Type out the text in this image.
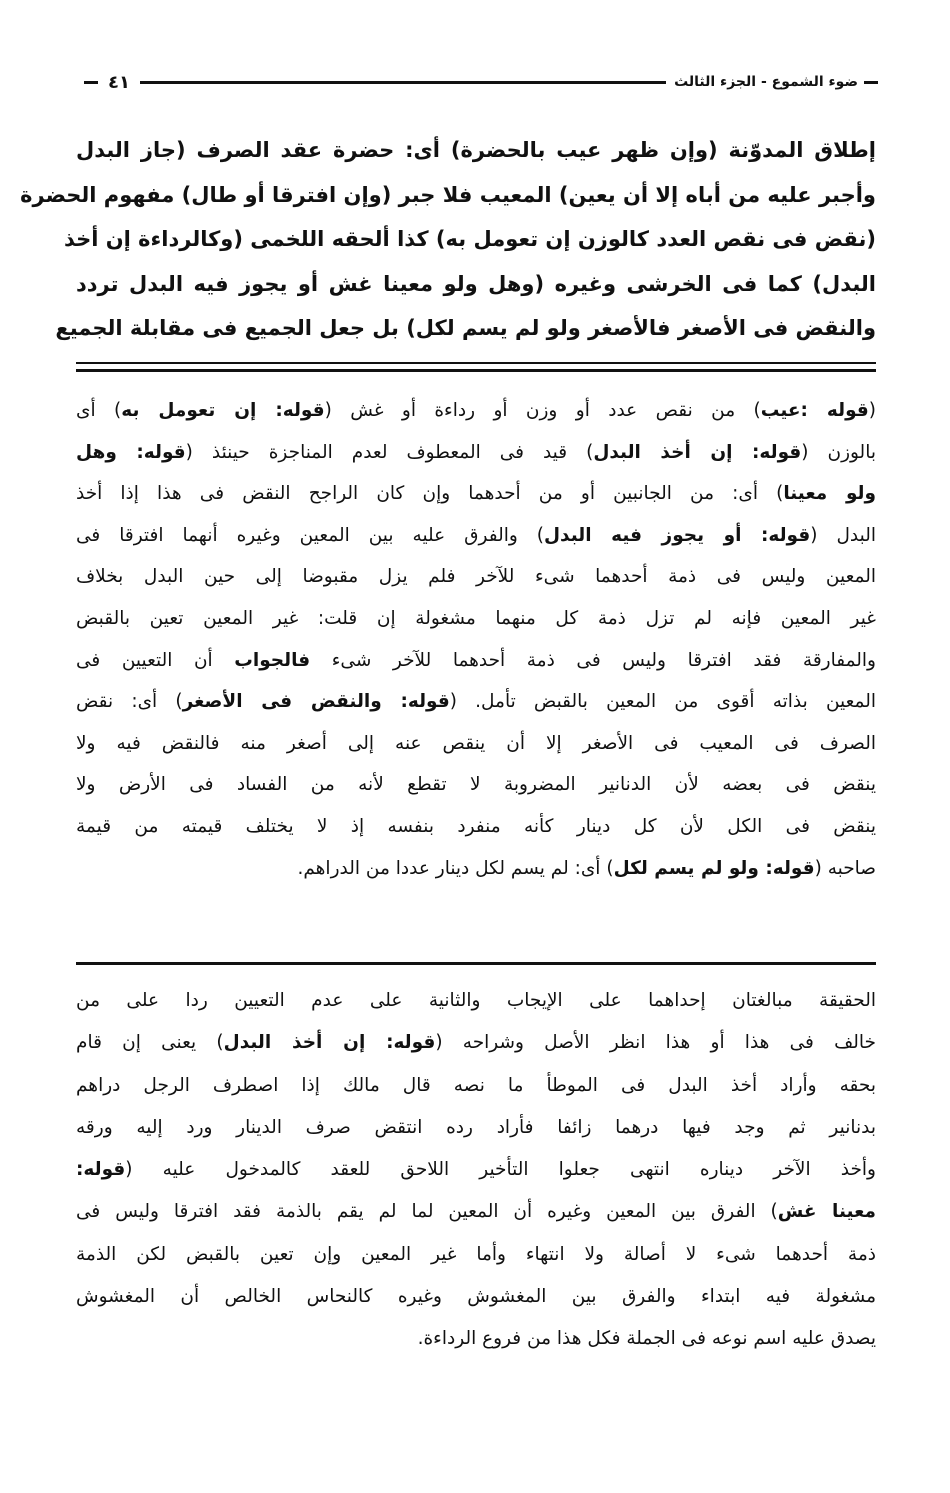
ضوء الشموع - الجزء الثالث
٤١
إطلاق المدوّنة (وإن ظهر عيب بالحضرة) أى: حضرة عقد الصرف (جاز البدل
وأجبر عليه من أباه إلا أن يعين) المعيب فلا جبر (وإن افترقا أو طال) مفهوم الحضرة
(نقض فى نقص العدد كالوزن إن تعومل به) كذا ألحقه اللخمى (وكالرداءة إن أخذ
البدل) كما فى الخرشى وغيره (وهل ولو معينا غش أو يجوز فيه البدل تردد
والنقض فى الأصغر فالأصغر ولو لم يسم لكل) بل جعل الجميع فى مقابلة الجميع
(قوله :عيب) من نقص عدد أو وزن أو رداءة أو غش (قوله: إن تعومل به) أى
بالوزن (قوله: إن أخذ البدل) قيد فى المعطوف لعدم المناجزة حينئذ (قوله: وهل
ولو معينا) أى: من الجانبين أو من أحدهما وإن كان الراجح النقض فى هذا إذا أخذ
البدل (قوله: أو يجوز فيه البدل) والفرق عليه بين المعين وغيره أنهما افترقا فى
المعين وليس فى ذمة أحدهما شىء للآخر فلم يزل مقبوضا إلى حين البدل بخلاف
غير المعين فإنه لم تزل ذمة كل منهما مشغولة إن قلت: غير المعين تعين بالقبض
والمفارقة فقد افترقا وليس فى ذمة أحدهما للآخر شىء فالجواب أن التعيين فى
المعين بذاته أقوى من المعين بالقبض تأمل. (قوله: والنقض فى الأصغر) أى: نقض
الصرف فى المعيب فى الأصغر إلا أن ينقص عنه إلى أصغر منه فالنقض فيه ولا
ينقض فى بعضه لأن الدنانير المضروبة لا تقطع لأنه من الفساد فى الأرض ولا
ينقض فى الكل لأن كل دينار كأنه منفرد بنفسه إذ لا يختلف قيمته من قيمة
صاحبه (قوله: ولو لم يسم لكل) أى: لم يسم لكل دينار عددا من الدراهم.
الحقيقة مبالغتان إحداهما على الإيجاب والثانية على عدم التعيين ردا على من
خالف فى هذا أو هذا انظر الأصل وشراحه (قوله: إن أخذ البدل) يعنى إن قام
بحقه وأراد أخذ البدل فى الموطأ ما نصه قال مالك إذا اصطرف الرجل دراهم
بدنانير ثم وجد فيها درهما زائفا فأراد رده انتقض صرف الدينار ورد إليه ورقه
وأخذ الآخر ديناره انتهى جعلوا التأخير اللاحق للعقد كالمدخول عليه (قوله:
معينا غش) الفرق بين المعين وغيره أن المعين لما لم يقم بالذمة فقد افترقا وليس فى
ذمة أحدهما شىء لا أصالة ولا انتهاء وأما غير المعين وإن تعين بالقبض لكن الذمة
مشغولة فيه ابتداء والفرق بين المغشوش وغيره كالنحاس الخالص أن المغشوش
يصدق عليه اسم نوعه فى الجملة فكل هذا من فروع الرداءة.
